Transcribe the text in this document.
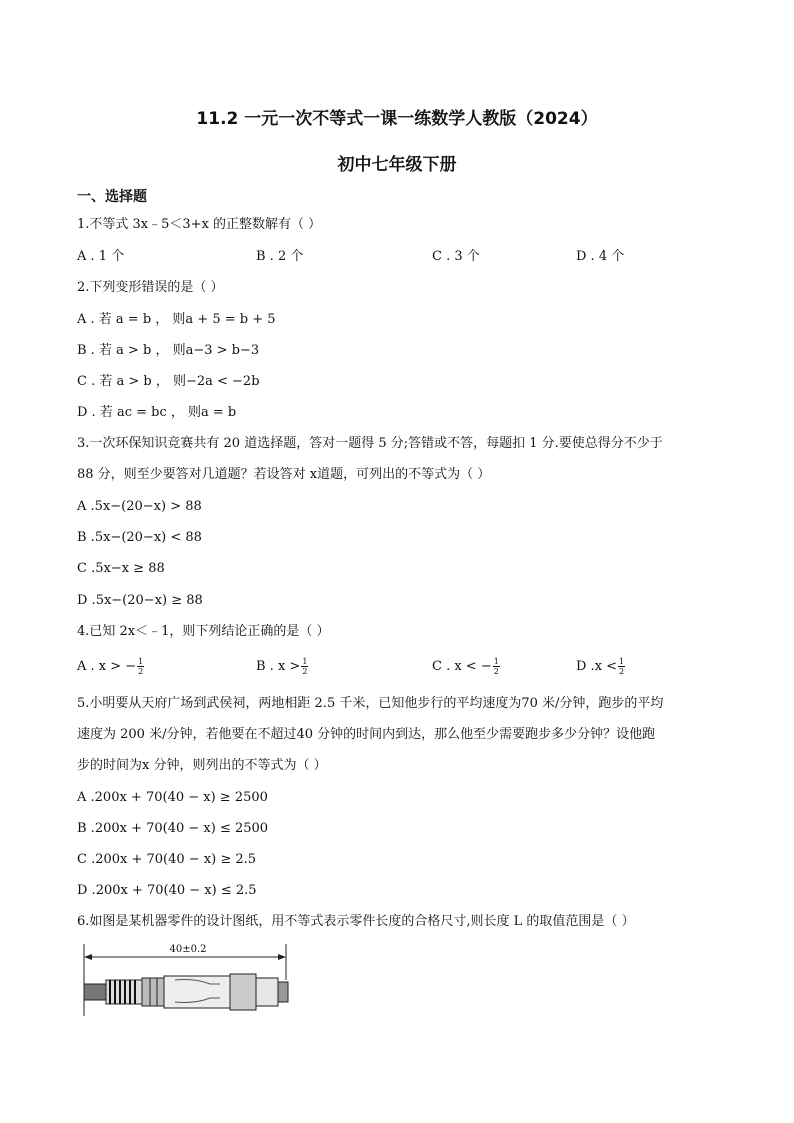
11.2 一元一次不等式一课一练数学人教版（2024）
初中七年级下册
一、选择题
1.不等式 3x﹣5＜3+x 的正整数解有（ ）
A . 1 个	B . 2 个	C . 3 个	D . 4 个
2.下列变形错误的是（ ）
A . 若 a = b ， 则a + 5 = b + 5
B . 若 a > b ， 则a−3 > b−3
C . 若 a > b ， 则−2a < −2b
D . 若 ac = bc ， 则a = b
3.一次环保知识竞赛共有 20 道选择题，答对一题得 5 分;答错或不答，每题扣 1 分.要使总得分不少于
88 分，则至少要答对几道题？若设答对 x道题，可列出的不等式为（ ）
A .5x−(20−x) > 88
B .5x−(20−x) < 88
C .5x−x ≥ 88
D .5x−(20−x) ≥ 88
4.已知 2x＜﹣1，则下列结论正确的是（ ）
A . x > − $\frac{1}{2}$	B . $x > \frac{1}{2}$	C . x < − $\frac{1}{2}$	D $.x < \frac{1}{2}$
5.小明要从天府广场到武侯祠，两地相距 2.5 千米，已知他步行的平均速度为70 米/分钟，跑步的平均
速度为 200 米/分钟，若他要在不超过40 分钟的时间内到达，那么他至少需要跑步多少分钟？设他跑
步的时间为x 分钟，则列出的不等式为（ ）
A .200x + 70(40 − x) ≥ 2500
B .200x + 70(40 − x) ≤ 2500
C .200x + 70(40 − x) ≥ 2.5
D .200x + 70(40 − x) ≤ 2.5
6.如图是某机器零件的设计图纸，用不等式表示零件长度的合格尺寸,则长度 L 的取值范围是（ ）
40±0.2
